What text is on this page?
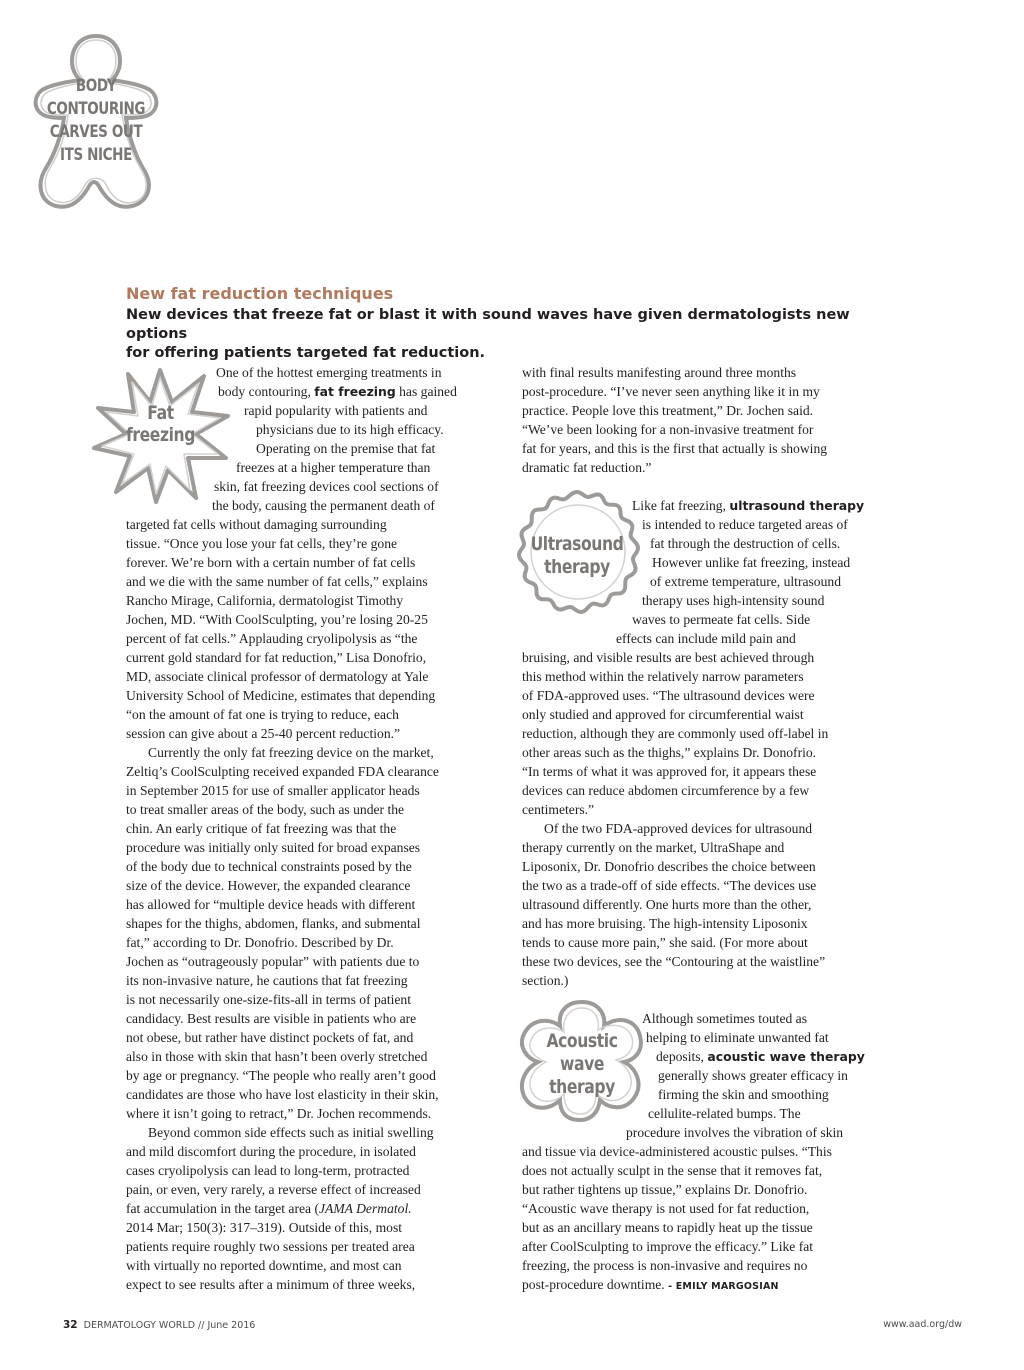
BODY
CONTOURING
CARVES OUT
ITS NICHE
New fat reduction techniques
New devices that freeze fat or blast it with sound waves have given dermatologists new options
for offering patients targeted fat reduction.
Fat
freezing
Ultrasound
therapy
Acoustic
wave
therapy
One of the hottest emerging treatments in
body contouring, fat freezing has gained
rapid popularity with patients and
physicians due to its high efficacy.
Operating on the premise that fat
freezes at a higher temperature than
skin, fat freezing devices cool sections of
the body, causing the permanent death of
targeted fat cells without damaging surrounding
tissue. “Once you lose your fat cells, they’re gone
forever. We’re born with a certain number of fat cells
and we die with the same number of fat cells,” explains
Rancho Mirage, California, dermatologist Timothy
Jochen, MD. “With CoolSculpting, you’re losing 20-25
percent of fat cells.” Applauding cryolipolysis as “the
current gold standard for fat reduction,” Lisa Donofrio,
MD, associate clinical professor of dermatology at Yale
University School of Medicine, estimates that depending
“on the amount of fat one is trying to reduce, each
session can give about a 25-40 percent reduction.”
Currently the only fat freezing device on the market,
Zeltiq’s CoolSculpting received expanded FDA clearance
in September 2015 for use of smaller applicator heads
to treat smaller areas of the body, such as under the
chin. An early critique of fat freezing was that the
procedure was initially only suited for broad expanses
of the body due to technical constraints posed by the
size of the device. However, the expanded clearance
has allowed for “multiple device heads with different
shapes for the thighs, abdomen, flanks, and submental
fat,” according to Dr. Donofrio. Described by Dr.
Jochen as “outrageously popular” with patients due to
its non-invasive nature, he cautions that fat freezing
is not necessarily one-size-fits-all in terms of patient
candidacy. Best results are visible in patients who are
not obese, but rather have distinct pockets of fat, and
also in those with skin that hasn’t been overly stretched
by age or pregnancy. “The people who really aren’t good
candidates are those who have lost elasticity in their skin,
where it isn’t going to retract,” Dr. Jochen recommends.
Beyond common side effects such as initial swelling
and mild discomfort during the procedure, in isolated
cases cryolipolysis can lead to long-term, protracted
pain, or even, very rarely, a reverse effect of increased
fat accumulation in the target area (JAMA Dermatol.
2014 Mar; 150(3): 317–319). Outside of this, most
patients require roughly two sessions per treated area
with virtually no reported downtime, and most can
expect to see results after a minimum of three weeks,
with final results manifesting around three months
post-procedure. “I’ve never seen anything like it in my
practice. People love this treatment,” Dr. Jochen said.
“We’ve been looking for a non-invasive treatment for
fat for years, and this is the first that actually is showing
dramatic fat reduction.”
Like fat freezing, ultrasound therapy
is intended to reduce targeted areas of
fat through the destruction of cells.
However unlike fat freezing, instead
of extreme temperature, ultrasound
therapy uses high-intensity sound
waves to permeate fat cells. Side
effects can include mild pain and
bruising, and visible results are best achieved through
this method within the relatively narrow parameters
of FDA-approved uses. “The ultrasound devices were
only studied and approved for circumferential waist
reduction, although they are commonly used off-label in
other areas such as the thighs,” explains Dr. Donofrio.
“In terms of what it was approved for, it appears these
devices can reduce abdomen circumference by a few
centimeters.”
Of the two FDA-approved devices for ultrasound
therapy currently on the market, UltraShape and
Liposonix, Dr. Donofrio describes the choice between
the two as a trade-off of side effects. “The devices use
ultrasound differently. One hurts more than the other,
and has more bruising. The high-intensity Liposonix
tends to cause more pain,” she said. (For more about
these two devices, see the “Contouring at the waistline”
section.)
Although sometimes touted as
helping to eliminate unwanted fat
deposits, acoustic wave therapy
generally shows greater efficacy in
firming the skin and smoothing
cellulite-related bumps. The
procedure involves the vibration of skin
and tissue via device-administered acoustic pulses. “This
does not actually sculpt in the sense that it removes fat,
but rather tightens up tissue,” explains Dr. Donofrio.
“Acoustic wave therapy is not used for fat reduction,
but as an ancillary means to rapidly heat up the tissue
after CoolSculpting to improve the efficacy.” Like fat
freezing, the process is non-invasive and requires no
post-procedure downtime. - EMILY MARGOSIAN
32 DERMATOLOGY WORLD // June 2016	www.aad.org/dw
